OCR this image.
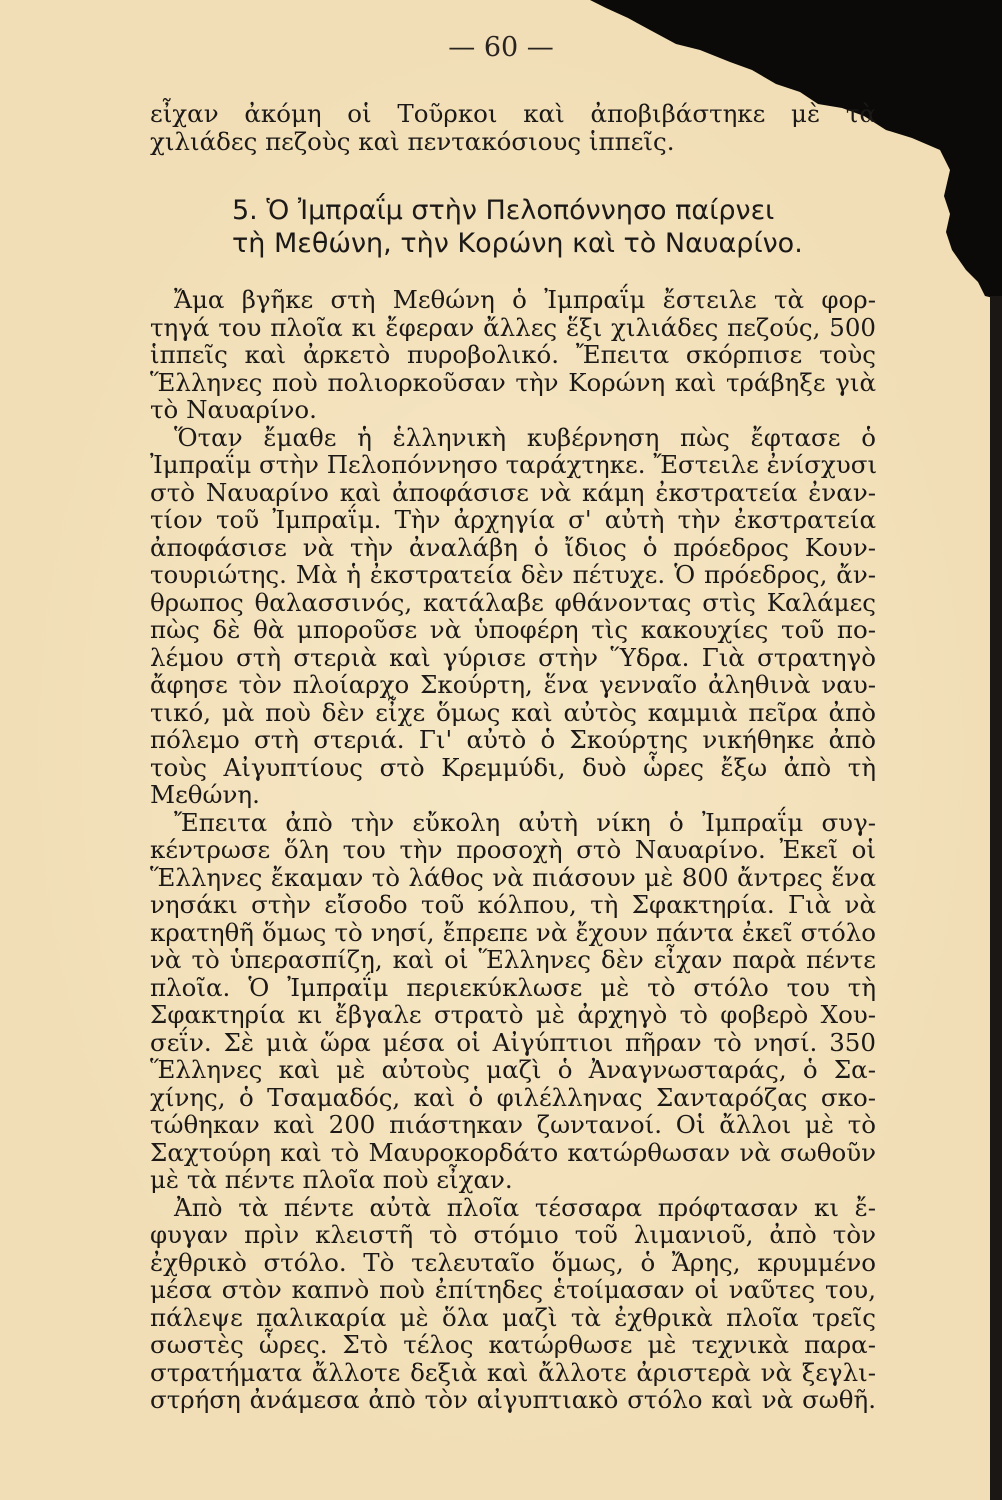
— 60 —
εἶχαν ἀκόμη οἱ Τοῦρκοι καὶ ἀποβιβάστηκε μὲ τὰ
χιλιάδες πεζοὺς καὶ πεντακόσιους ἱππεῖς.
5. Ὁ Ἰμπραΐμ στὴν Πελοπόννησο παίρνει
τὴ Μεθώνη, τὴν Κορώνη καὶ τὸ Ναυαρίνο.
Ἄμα βγῆκε στὴ Μεθώνη ὁ Ἰμπραΐμ ἔστειλε τὰ φορ-
τηγά του πλοῖα κι ἔφεραν ἄλλες ἕξι χιλιάδες πεζούς, 500
ἱππεῖς καὶ ἀρκετὸ πυροβολικό. Ἔπειτα σκόρπισε τοὺς
Ἕλληνες ποὺ πολιορκοῦσαν τὴν Κορώνη καὶ τράβηξε γιὰ
τὸ Ναυαρίνο.
Ὅταν ἔμαθε ἡ ἑλληνικὴ κυβέρνηση πὼς ἔφτασε ὁ
Ἰμπραΐμ στὴν Πελοπόννησο ταράχτηκε. Ἔστειλε ἐνίσχυσι
στὸ Ναυαρίνο καὶ ἀποφάσισε νὰ κάμη ἐκστρατεία ἐναν-
τίον τοῦ Ἰμπραΐμ. Τὴν ἀρχηγία σ' αὐτὴ τὴν ἐκστρατεία
ἀποφάσισε νὰ τὴν ἀναλάβη ὁ ἴδιος ὁ πρόεδρος Κουν-
τουριώτης. Μὰ ἡ ἐκστρατεία δὲν πέτυχε. Ὁ πρόεδρος, ἄν-
θρωπος θαλασσινός, κατάλαβε φθάνοντας στὶς Καλάμες
πὼς δὲ θὰ μποροῦσε νὰ ὑποφέρη τὶς κακουχίες τοῦ πο-
λέμου στὴ στεριὰ καὶ γύρισε στὴν Ὕδρα. Γιὰ στρατηγὸ
ἄφησε τὸν πλοίαρχο Σκούρτη, ἕνα γενναῖο ἀληθινὰ ναυ-
τικό, μὰ ποὺ δὲν εἶχε ὅμως καὶ αὐτὸς καμμιὰ πεῖρα ἀπὸ
πόλεμο στὴ στεριά. Γι' αὐτὸ ὁ Σκούρτης νικήθηκε ἀπὸ
τοὺς Αἰγυπτίους στὸ Κρεμμύδι, δυὸ ὧρες ἔξω ἀπὸ τὴ
Μεθώνη.
Ἔπειτα ἀπὸ τὴν εὔκολη αὐτὴ νίκη ὁ Ἰμπραΐμ συγ-
κέντρωσε ὅλη του τὴν προσοχὴ στὸ Ναυαρίνο. Ἐκεῖ οἱ
Ἕλληνες ἔκαμαν τὸ λάθος νὰ πιάσουν μὲ 800 ἄντρες ἕνα
νησάκι στὴν εἴσοδο τοῦ κόλπου, τὴ Σφακτηρία. Γιὰ νὰ
κρατηθῆ ὅμως τὸ νησί, ἔπρεπε νὰ ἔχουν πάντα ἐκεῖ στόλο
νὰ τὸ ὑπερασπίζη, καὶ οἱ Ἕλληνες δὲν εἶχαν παρὰ πέντε
πλοῖα. Ὁ Ἰμπραΐμ περιεκύκλωσε μὲ τὸ στόλο του τὴ
Σφακτηρία κι ἔβγαλε στρατὸ μὲ ἀρχηγὸ τὸ φοβερὸ Χου-
σεΐν. Σὲ μιὰ ὥρα μέσα οἱ Αἰγύπτιοι πῆραν τὸ νησί. 350
Ἕλληνες καὶ μὲ αὐτοὺς μαζὶ ὁ Ἀναγνωσταράς, ὁ Σα-
χίνης, ὁ Τσαμαδός, καὶ ὁ φιλέλληνας Σανταρόζας σκο-
τώθηκαν καὶ 200 πιάστηκαν ζωντανοί. Οἱ ἄλλοι μὲ τὸ
Σαχτούρη καὶ τὸ Μαυροκορδάτο κατώρθωσαν νὰ σωθοῦν
μὲ τὰ πέντε πλοῖα ποὺ εἶχαν.
Ἀπὸ τὰ πέντε αὐτὰ πλοῖα τέσσαρα πρόφτασαν κι ἔ-
φυγαν πρὶν κλειστῆ τὸ στόμιο τοῦ λιμανιοῦ, ἀπὸ τὸν
ἐχθρικὸ στόλο. Τὸ τελευταῖο ὅμως, ὁ Ἄρης, κρυμμένο
μέσα στὸν καπνὸ ποὺ ἐπίτηδες ἑτοίμασαν οἱ ναῦτες του,
πάλεψε παλικαρία μὲ ὅλα μαζὶ τὰ ἐχθρικὰ πλοῖα τρεῖς
σωστὲς ὧρες. Στὸ τέλος κατώρθωσε μὲ τεχνικὰ παρα-
στρατήματα ἄλλοτε δεξιὰ καὶ ἄλλοτε ἀριστερὰ νὰ ξεγλι-
στρήση ἀνάμεσα ἀπὸ τὸν αἰγυπτιακὸ στόλο καὶ νὰ σωθῆ.
